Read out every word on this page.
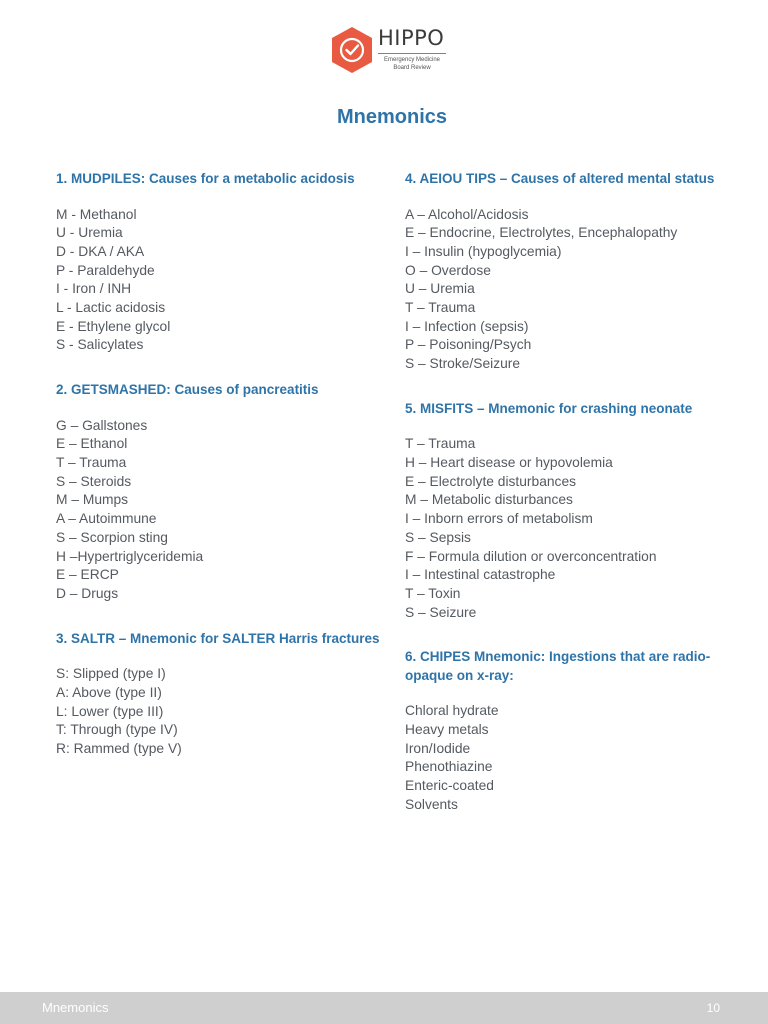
HIPPO
Emergency Medicine
Board Review
Mnemonics
1. MUDPILES: Causes for a metabolic acidosis
M - Methanol
U - Uremia
D - DKA / AKA
P - Paraldehyde
I - Iron / INH
L - Lactic acidosis
E - Ethylene glycol
S - Salicylates
2. GETSMASHED: Causes of pancreatitis
G – Gallstones
E – Ethanol
T – Trauma
S – Steroids
M – Mumps
A – Autoimmune
S – Scorpion sting
H –Hypertriglyceridemia
E – ERCP
D – Drugs
3. SALTR – Mnemonic for SALTER Harris fractures
S: Slipped (type I)
A: Above (type II)
L: Lower (type III)
T: Through (type IV)
R: Rammed (type V)
4. AEIOU TIPS – Causes of altered mental status
A – Alcohol/Acidosis
E – Endocrine, Electrolytes, Encephalopathy
I – Insulin (hypoglycemia)
O – Overdose
U – Uremia
T – Trauma
I – Infection (sepsis)
P – Poisoning/Psych
S – Stroke/Seizure
5. MISFITS – Mnemonic for crashing neonate
T – Trauma
H – Heart disease or hypovolemia
E – Electrolyte disturbances
M – Metabolic disturbances
I – Inborn errors of metabolism
S – Sepsis
F – Formula dilution or overconcentration
I – Intestinal catastrophe
T – Toxin
S – Seizure
6. CHIPES Mnemonic: Ingestions that are radio-opaque on x-ray:
Chloral hydrate
Heavy metals
Iron/Iodide
Phenothiazine
Enteric-coated
Solvents
Mnemonics	10
